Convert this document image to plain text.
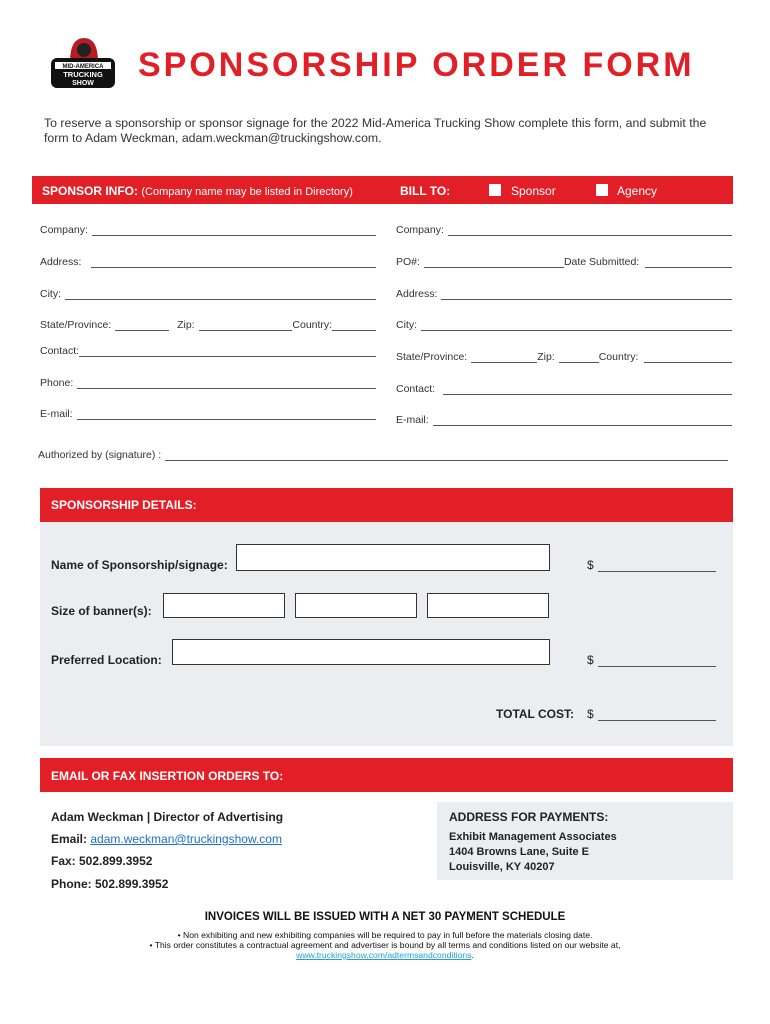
MID-AMERICA
TRUCKING
SHOW SPONSORSHIP ORDER FORM
To reserve a sponsorship or sponsor signage for the 2022 Mid-America Trucking Show complete this form, and submit the form to Adam Weckman, adam.weckman@truckingshow.com.
SPONSOR INFO: (Company name may be listed in Directory)	BILL TO:	Sponsor	Agency
Company:
Address:
City:
State/Province:	Zip:	Country:
Contact:
Phone:
E-mail:
Company:
PO#:	Date Submitted:
Address:
City:
State/Province:	Zip:	Country:
Contact:
E-mail:
Authorized by (signature) :
SPONSORSHIP DETAILS:
Name of Sponsorship/signage:	$
Size of banner(s):
Preferred Location:	$
TOTAL COST: $
EMAIL OR FAX INSERTION ORDERS TO:
Adam Weckman | Director of Advertising
Email: adam.weckman@truckingshow.com
Fax: 502.899.3952
Phone: 502.899.3952
ADDRESS FOR PAYMENTS:
Exhibit Management Associates
1404 Browns Lane, Suite E
Louisville, KY 40207
INVOICES WILL BE ISSUED WITH A NET 30 PAYMENT SCHEDULE
• Non exhibiting and new exhibiting companies will be required to pay in full before the materials closing date.
• This order constitutes a contractual agreement and advertiser is bound by all terms and conditions listed on our website at,
www.truckingshow.com/adtermsandconditions.
